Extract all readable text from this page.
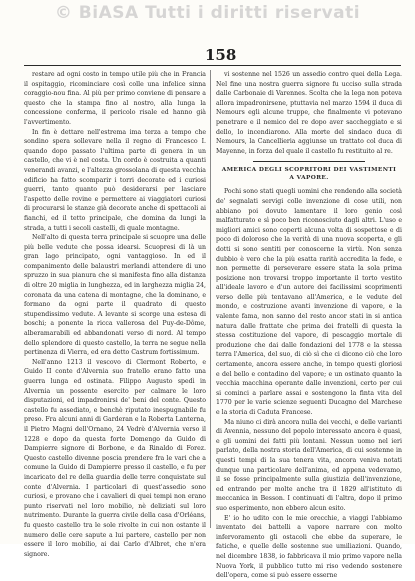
© BiASA Tutti i diritti riservati
158

restare ad ogni costo in tempo utile più che in Francia il ospitaggio, ricominciare così colle una infelice sinna coraggio-nou fina. Al più per primo conviene di pensare a questo che la stampa fino al nostro, alla lunga la concessione conferma, il pericolo risale ed hanno già l'avvertimento.

In fin è dettare nell'estrema ima terza a tempo che sondino spera sollevare nella il regno di Francesco I. quando dopo passato l'ultima parte di genera in un castello, che vi è nel costa. Un cordo è costruita a quanti venerandi avanzi, e l'altezza grossolana di questa vecchia edificio ha fatto scomparir i torri decorate ed i curiosi guerri, tanto quanto può desiderarsi per lasciare l'aspetto delle rovine e permettere ai viaggiatori curiosi di procurarsi le stanze già decorate anche di spettacoli ai fianchi, ed il tetto principale, che domina da lungi la strada, a tutti i secoli castelli, di quale montagne.

Nell'alto di questa terra principale si scuopre una delle più belle vedute che possa idearsi. Scuopresi di là un gran lago principato, ogni vantaggioso. In ed il companimento delle balaustri merlandi attendere di uno spruzzo in sua pianura che si manifesta fino alla distanza di oltre 20 miglia in lunghezza, ed in larghezza miglia 24, coronata da una catena di montagne, che la dominano, e formano da ogni parte il quadrato di questo stupendissimo vedute. A levante si scorge una estesa di boschi; a ponente la ricca vallerosa del Puy-de-Dôme, alberamarabili ed abbandonati verso di nord. Al tempo dello splendore di questo castello, la terra ne segue nella pertinenza di Vierra, ed era detto Castrum fortissimum.

Nell'anno 1213 il vescovo di Clermont Roberto, e Guido II conte d'Alvernia suo fratello erano fatto una guerra lunga ed ostinata. Filippo Augusto spedì in Alvernia un possente esercito per calmare le loro disputazioni, ed impadronirsi de' beni del conte. Questo castello fu assediato, e benchè riputato inespugnabile fu preso. Fra alcuni anni di Garderan e la Roberta Lanterna, il Pietro Magni dell'Ornano, 24 Vedrè d'Alvernia verso il 1228 e dopo da questa forte Domengo da Guido di Dampierre signore di Borbone, e da Rinaldo di Forez. Questo castello divenne poscia prendere fra le vari che a comune la Guido di Dampierre presso il castello, e fu per incaricato del re della guardia delle terre conquistate sul conte d'Alvernia. I particolari di quest'assedio sono curiosi, e provano che i cavalieri di quei tempi non erano punto riservati nel loro mobilio, nè deliziati sul loro nutrimento. Durante la guerra civile della casa d'Orléans, fu questo castello tra le sole rivolte in cui non ostante il numero delle cere sapute a lui partere, castello per non essere il loro mobilio, ai dai Carlo d'Albret, che n'era signore.

vi sostenne nel 1526 un assedio contro quei della Lega. Nel fine una nostra guerra signore fu ucciso sulla strada dalle Carbonaie di Varennes. Scolta che la lega non poteva allora impadronirsene, ptuttavia nel marzo 1594 il duca di Nemours egli alcune truppe, che finalmente vi potevano penetrare e il nemico del re dopo aver saccheggiato e si dello, lo incendiarono. Alla morte del sindaco duca di Nemours, la Cancellieria aggiunse un trattato col duca di Mayenne, in forza del quale il castello fu restituito al re.

AMERICA DEGLI SCOPRITORI DEI VASTIMENTI
A VAPORE.

Pochi sono stati quegli uomini che rendendo alla società de' segnalati servigi colle invenzione di cose utili, non abbiano poi dovuto lamentare il loro genio così malfatturato e sì poco ben riconosciuto dagli altri. L'uso e migliori amici sono coperti alcuna volta di sospettose e di poco di doloroso che la verità di una nuova scoperta, e gli dotti si sono sentiti per conoscerne la virtù. Non senza dubbio è vero che la più esatta rarità accredita la fede, e non permette di perseverare essere stata la sola prima posizione non trovarsi troppo importante il torto vestito all'ideale lavoro e d'un autore dei facilissimi scoprimenti verso delle più tentavano all'America, e le vedute del mondo, e costruzione avanti invenzione di vapore, e la valente fama, non sanno del resto ancor stati in si antica natura dalle frattate che prima dei fratelli di questa la stessa costituzione del vapore, di pescaggio mortale di produzione che dai dalle fondazioni del 1778 e la stessa terra l'America, del suo, di ciò sì che ci dicono ciò che loro certamente, ancora essere anche, in tempo questi gloriosi e del bello e contadino del vapore; e un ostinato quanto la vecchia macchina operante dalle invenzioni, certo per cui si cominci a parlare assai e sostengono la finta vita del 1770 per le varie scienze seguenti Ducagno del Marchese e la storia di Caduta Francese.

Ma niuno ci dirà ancora nulla dei vecchi, e delle varianti di Avennia, nessuno del popolo interessato ancora è quasi, e gli uomini dei fatti più lontani. Nessun uomo nel ieri parlato, della nostra storia dell'America, di cui sostenne in questi tempi di la sua tenera vita, ancora veniva notati dunque una particolare dell'anima, ed appena vedevamo, il se fosse principalmente sulla giustizia dell'invenzione, ed entrando per molte anche tra il 1829 all'istituto di meccanica in Besson. I continuati di l'altra, dopo il primo suo esperimento, non ebbero alcun esito.

E' io ho udito con le mie orecchie, a viaggi l'abbiamo inventato dei battelli a vapore narrare con molto infervoramento gli ostacoli che ebbe da superare, le fatiche, e quelle delle sostenne sue umiliazioni. Quando, nel dicembre 1838, io fabbricava il mio primo vapore nella Nuova York, il pubblico tutto mi riso vedendo sostenere dell'opera, come si può essere esserne
